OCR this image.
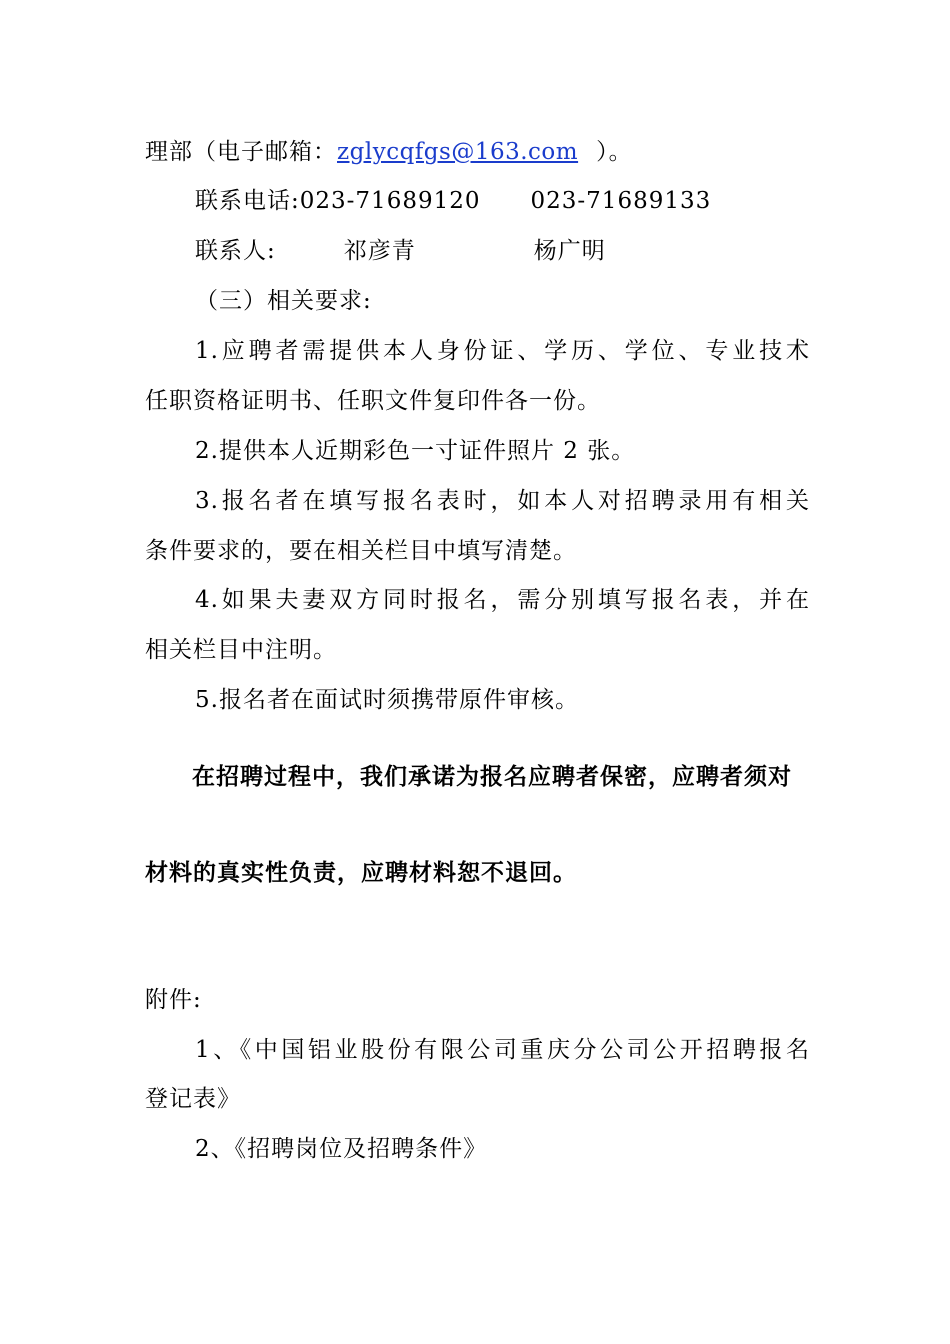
理部（电子邮箱：zglycqfgs@163.com ）。
联系电话:023-71689120 023-71689133
联系人:	祁彦青	杨广明
（三）相关要求:
1.应聘者需提供本人身份证、学历、学位、专业技术
任职资格证明书、任职文件复印件各一份。
2.提供本人近期彩色一寸证件照片 2 张。
3.报名者在填写报名表时，如本人对招聘录用有相关
条件要求的，要在相关栏目中填写清楚。
4.如果夫妻双方同时报名，需分别填写报名表，并在
相关栏目中注明。
5.报名者在面试时须携带原件审核。
在招聘过程中，我们承诺为报名应聘者保密，应聘者须对
材料的真实性负责，应聘材料恕不退回。
附件:
1、《中国铝业股份有限公司重庆分公司公开招聘报名
登记表》
2、《招聘岗位及招聘条件》
